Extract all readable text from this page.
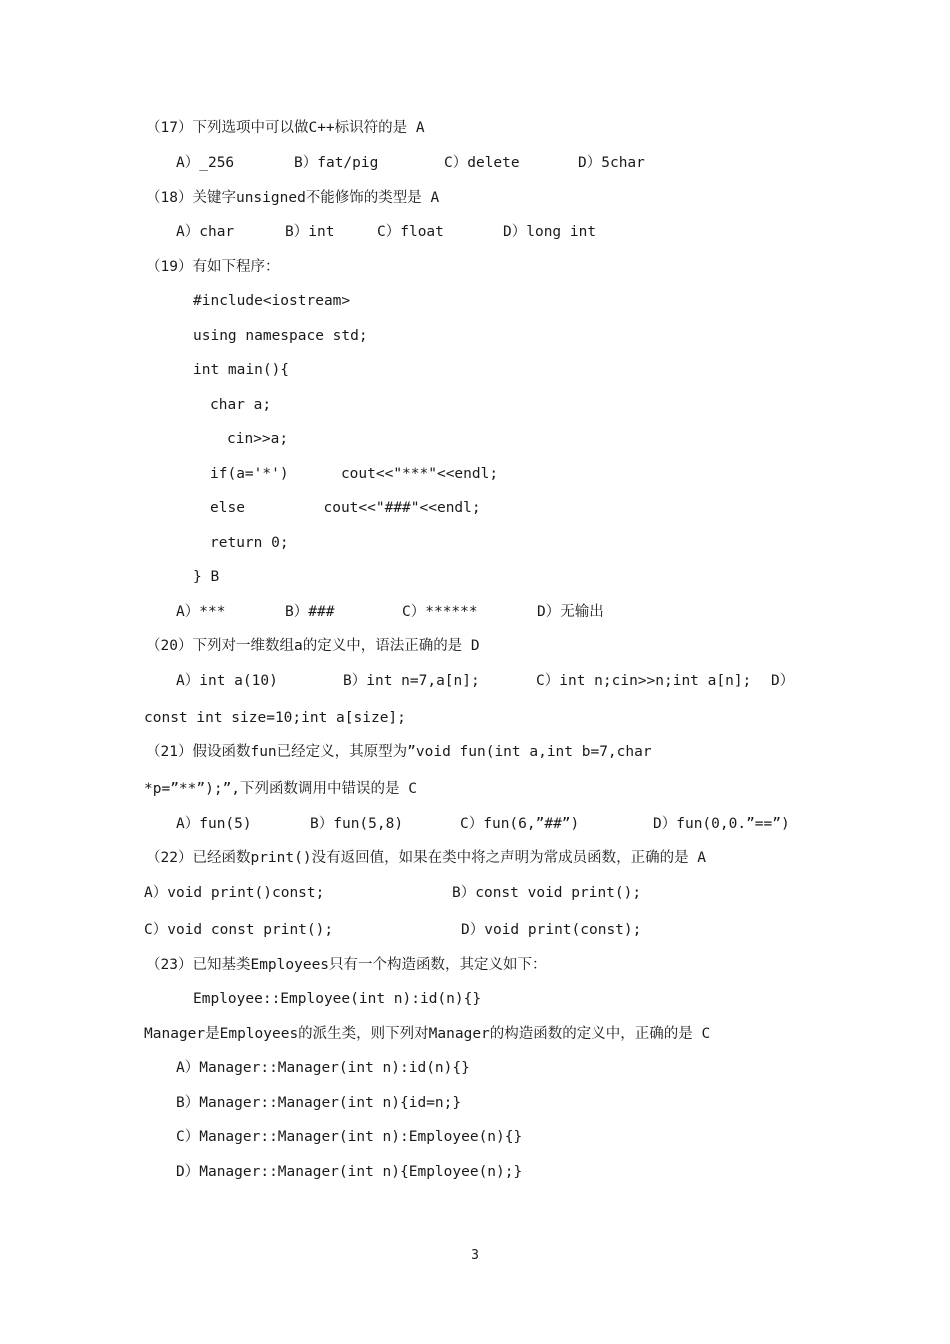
（17）下列选项中可以做C++标识符的是 A
A）_256	B）fat/pig	C）delete	D）5char
（18）关键字unsigned不能修饰的类型是 A
A）char	B）int	C）float	D）long int
（19）有如下程序：
#include<iostream>
using namespace std;
int main(){
char a;
cin>>a;
if(a='*')      cout<<"***"<<endl;
else         cout<<"###"<<endl;
return 0;
} B
A）***	B）###	C）******	D）无输出
（20）下列对一维数组a的定义中，语法正确的是 D
A）int a(10)	B）int n=7,a[n];	C）int n;cin>>n;int a[n]; D）
const int size=10;int a[size];
（21）假设函数fun已经定义，其原型为”void fun(int a,int b=7,char
*p=”**”);”,下列函数调用中错误的是 C
A）fun(5)	B）fun(5,8)	C）fun(6,”##”)	D）fun(0,0.”==”)
（22）已经函数print()没有返回值，如果在类中将之声明为常成员函数，正确的是 A
A）void print()const;	B）const void print();
C）void const print();	D）void print(const);
（23）已知基类Employees只有一个构造函数，其定义如下：
Employee::Employee(int n):id(n){}
Manager是Employees的派生类，则下列对Manager的构造函数的定义中，正确的是 C
A）Manager::Manager(int n):id(n){}
B）Manager::Manager(int n){id=n;}
C）Manager::Manager(int n):Employee(n){}
D）Manager::Manager(int n){Employee(n);}
3
